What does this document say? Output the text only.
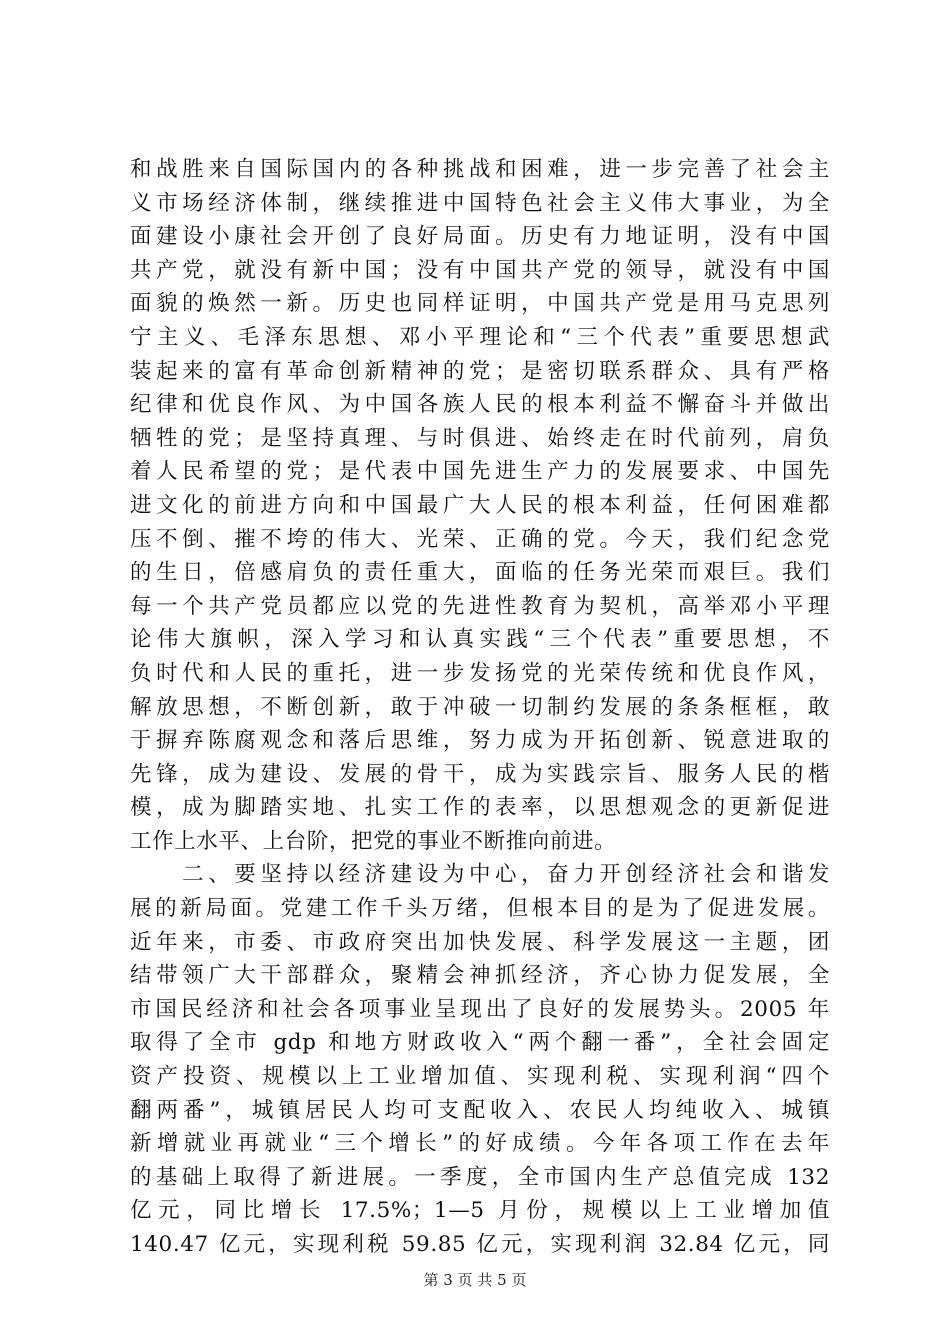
和战胜来自国际国内的各种挑战和困难，进一步完善了社会主
义市场经济体制，继续推进中国特色社会主义伟大事业，为全
面建设小康社会开创了良好局面。历史有力地证明，没有中国
共产党，就没有新中国；没有中国共产党的领导，就没有中国
面貌的焕然一新。历史也同样证明，中国共产党是用马克思列
宁主义、毛泽东思想、邓小平理论和“三个代表”重要思想武
装起来的富有革命创新精神的党；是密切联系群众、具有严格
纪律和优良作风、为中国各族人民的根本利益不懈奋斗并做出
牺牲的党；是坚持真理、与时俱进、始终走在时代前列，肩负
着人民希望的党；是代表中国先进生产力的发展要求、中国先
进文化的前进方向和中国最广大人民的根本利益，任何困难都
压不倒、摧不垮的伟大、光荣、正确的党。今天，我们纪念党
的生日，倍感肩负的责任重大，面临的任务光荣而艰巨。我们
每一个共产党员都应以党的先进性教育为契机，高举邓小平理
论伟大旗帜，深入学习和认真实践“三个代表”重要思想，不
负时代和人民的重托，进一步发扬党的光荣传统和优良作风，
解放思想，不断创新，敢于冲破一切制约发展的条条框框，敢
于摒弃陈腐观念和落后思维，努力成为开拓创新、锐意进取的
先锋，成为建设、发展的骨干，成为实践宗旨、服务人民的楷
模，成为脚踏实地、扎实工作的表率，以思想观念的更新促进
工作上水平、上台阶，把党的事业不断推向前进。
　　二、要坚持以经济建设为中心，奋力开创经济社会和谐发
展的新局面。党建工作千头万绪，但根本目的是为了促进发展。
近年来，市委、市政府突出加快发展、科学发展这一主题，团
结带领广大干部群众，聚精会神抓经济，齐心协力促发展，全
市国民经济和社会各项事业呈现出了良好的发展势头。2005 年
取得了全市 gdp 和地方财政收入“两个翻一番”，全社会固定
资产投资、规模以上工业增加值、实现利税、实现利润“四个
翻两番”，城镇居民人均可支配收入、农民人均纯收入、城镇
新增就业再就业“三个增长”的好成绩。今年各项工作在去年
的基础上取得了新进展。一季度，全市国内生产总值完成 132
亿元，同比增长 17.5%；1—5 月份，规模以上工业增加值
140.47 亿元，实现利税 59.85 亿元，实现利润 32.84 亿元，同
第 3 页 共 5 页
